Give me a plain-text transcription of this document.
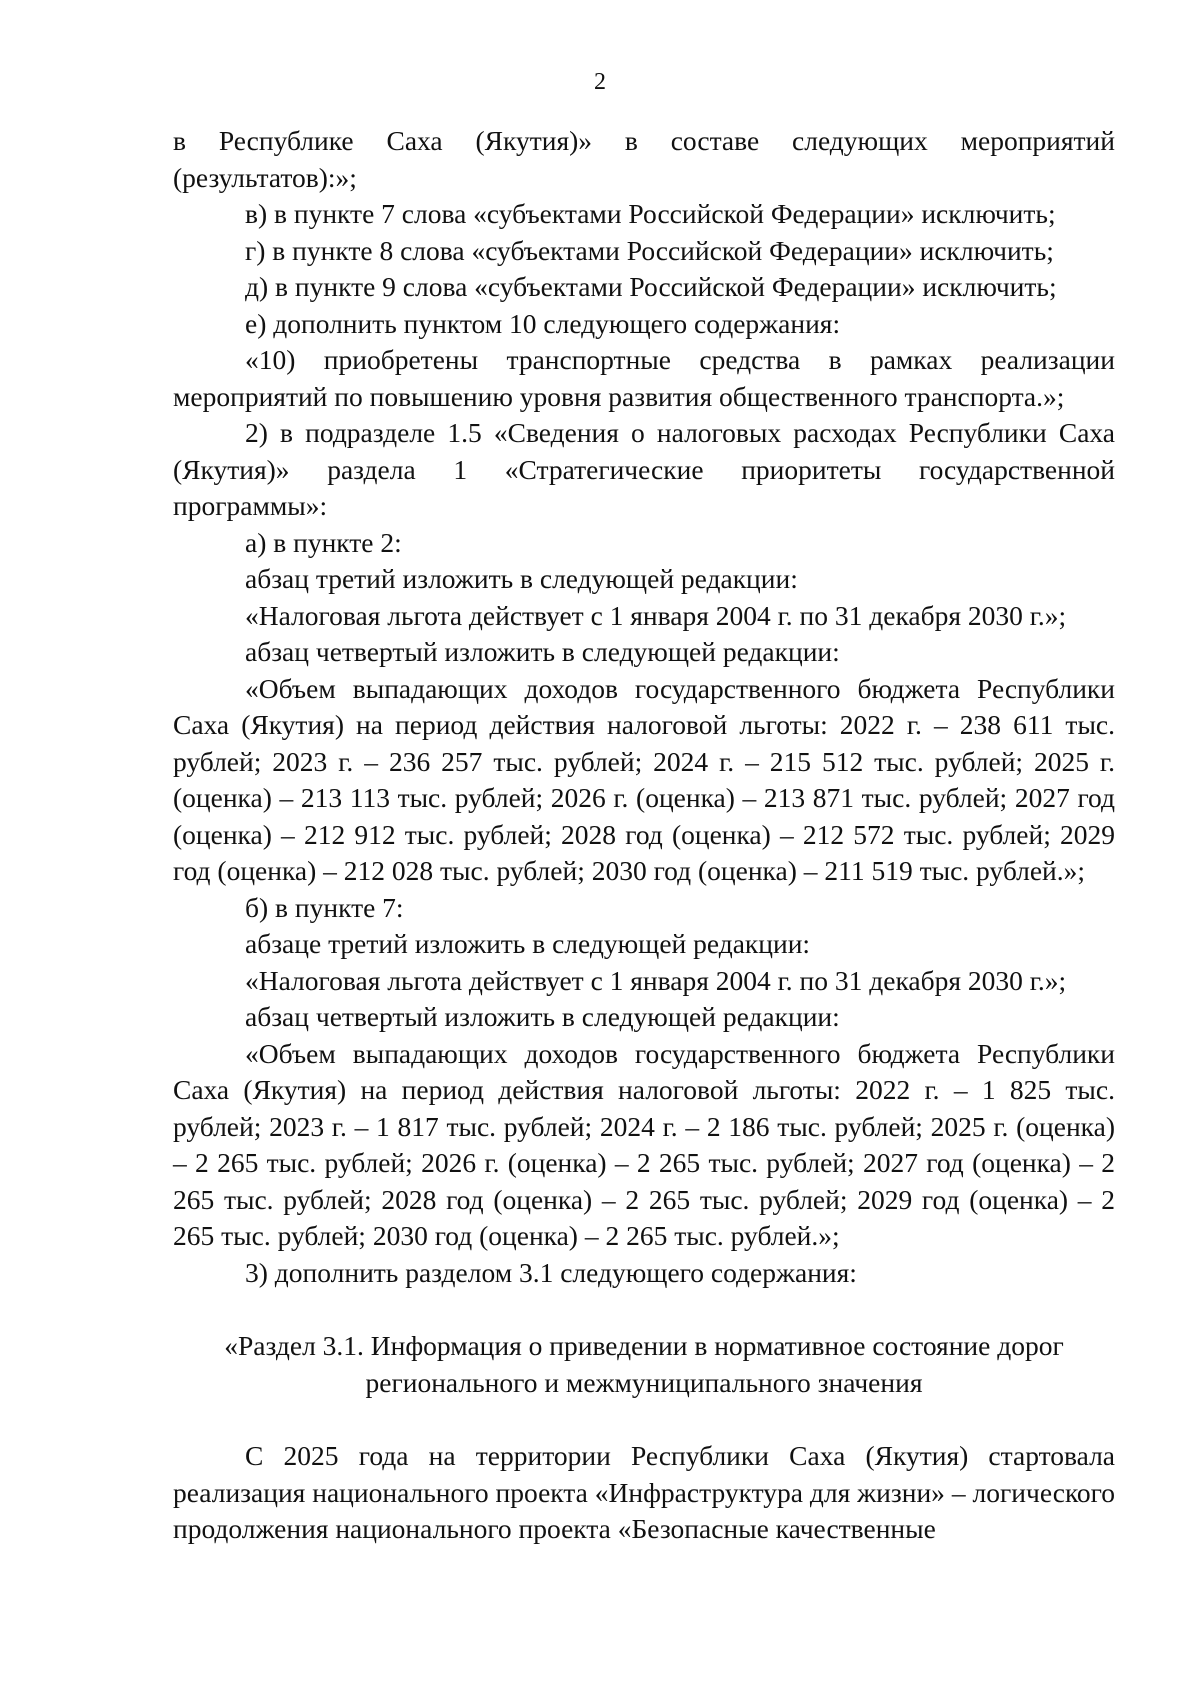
2

в Республике Саха (Якутия)» в составе следующих мероприятий (результатов):»;

в) в пункте 7 слова «субъектами Российской Федерации» исключить;

г) в пункте 8 слова «субъектами Российской Федерации» исключить;

д) в пункте 9 слова «субъектами Российской Федерации» исключить;

е) дополнить пунктом 10 следующего содержания:

«10) приобретены транспортные средства в рамках реализации мероприятий по повышению уровня развития общественного транспорта.»;

2) в подразделе 1.5 «Сведения о налоговых расходах Республики Саха (Якутия)» раздела 1 «Стратегические приоритеты государственной программы»:

а) в пункте 2:

абзац третий изложить в следующей редакции:

«Налоговая льгота действует с 1 января 2004 г. по 31 декабря 2030 г.»;

абзац четвертый изложить в следующей редакции:

«Объем выпадающих доходов государственного бюджета Республики Саха (Якутия) на период действия налоговой льготы: 2022 г. – 238 611 тыс. рублей; 2023 г. – 236 257 тыс. рублей; 2024 г. – 215 512 тыс. рублей; 2025 г. (оценка) – 213 113 тыс. рублей; 2026 г. (оценка) – 213 871 тыс. рублей; 2027 год (оценка) – 212 912 тыс. рублей; 2028 год (оценка) – 212 572 тыс. рублей; 2029 год (оценка) – 212 028 тыс. рублей; 2030 год (оценка) – 211 519 тыс. рублей.»;

б) в пункте 7:

абзаце третий изложить в следующей редакции:

«Налоговая льгота действует с 1 января 2004 г. по 31 декабря 2030 г.»;

абзац четвертый изложить в следующей редакции:

«Объем выпадающих доходов государственного бюджета Республики Саха (Якутия) на период действия налоговой льготы: 2022 г. – 1 825 тыс. рублей; 2023 г. – 1 817 тыс. рублей; 2024 г. – 2 186 тыс. рублей; 2025 г. (оценка) – 2 265 тыс. рублей; 2026 г. (оценка) – 2 265 тыс. рублей; 2027 год (оценка) – 2 265 тыс. рублей; 2028 год (оценка) – 2 265 тыс. рублей; 2029 год (оценка) – 2 265 тыс. рублей; 2030 год (оценка) – 2 265 тыс. рублей.»;

3) дополнить разделом 3.1 следующего содержания:

«Раздел 3.1. Информация о приведении в нормативное состояние дорог регионального и межмуниципального значения

С 2025 года на территории Республики Саха (Якутия) стартовала реализация национального проекта «Инфраструктура для жизни» – логического продолжения национального проекта «Безопасные качественные
